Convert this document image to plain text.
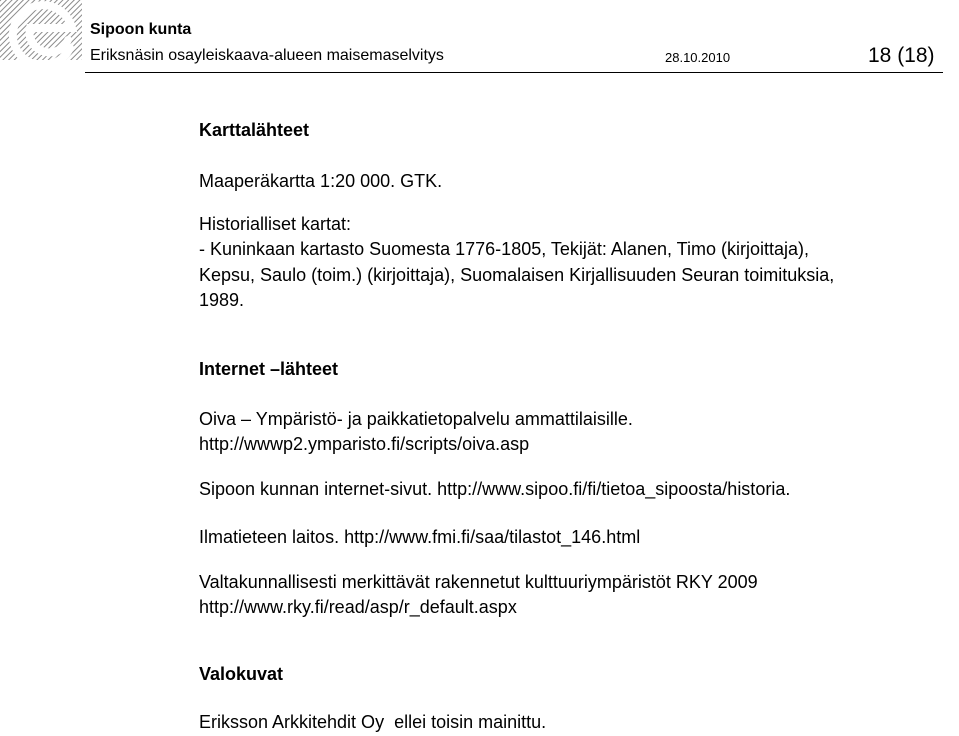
Sipoon kunta
Eriksnäsin osayleiskaava-alueen maisemaselvitys	28.10.2010	18 (18)
Karttalähteet
Maaperäkartta 1:20 000. GTK.
Historialliset kartat:
- Kuninkaan kartasto Suomesta 1776-1805, Tekijät: Alanen, Timo (kirjoittaja),
Kepsu, Saulo (toim.) (kirjoittaja), Suomalaisen Kirjallisuuden Seuran toimituksia,
1989.
Internet –lähteet
Oiva – Ympäristö- ja paikkatietopalvelu ammattilaisille.
http://wwwp2.ymparisto.fi/scripts/oiva.asp
Sipoon kunnan internet-sivut. http://www.sipoo.fi/fi/tietoa_sipoosta/historia.
Ilmatieteen laitos. http://www.fmi.fi/saa/tilastot_146.html
Valtakunnallisesti merkittävät rakennetut kulttuuriympäristöt RKY 2009
http://www.rky.fi/read/asp/r_default.aspx
Valokuvat
Eriksson Arkkitehdit Oy  ellei toisin mainittu.
